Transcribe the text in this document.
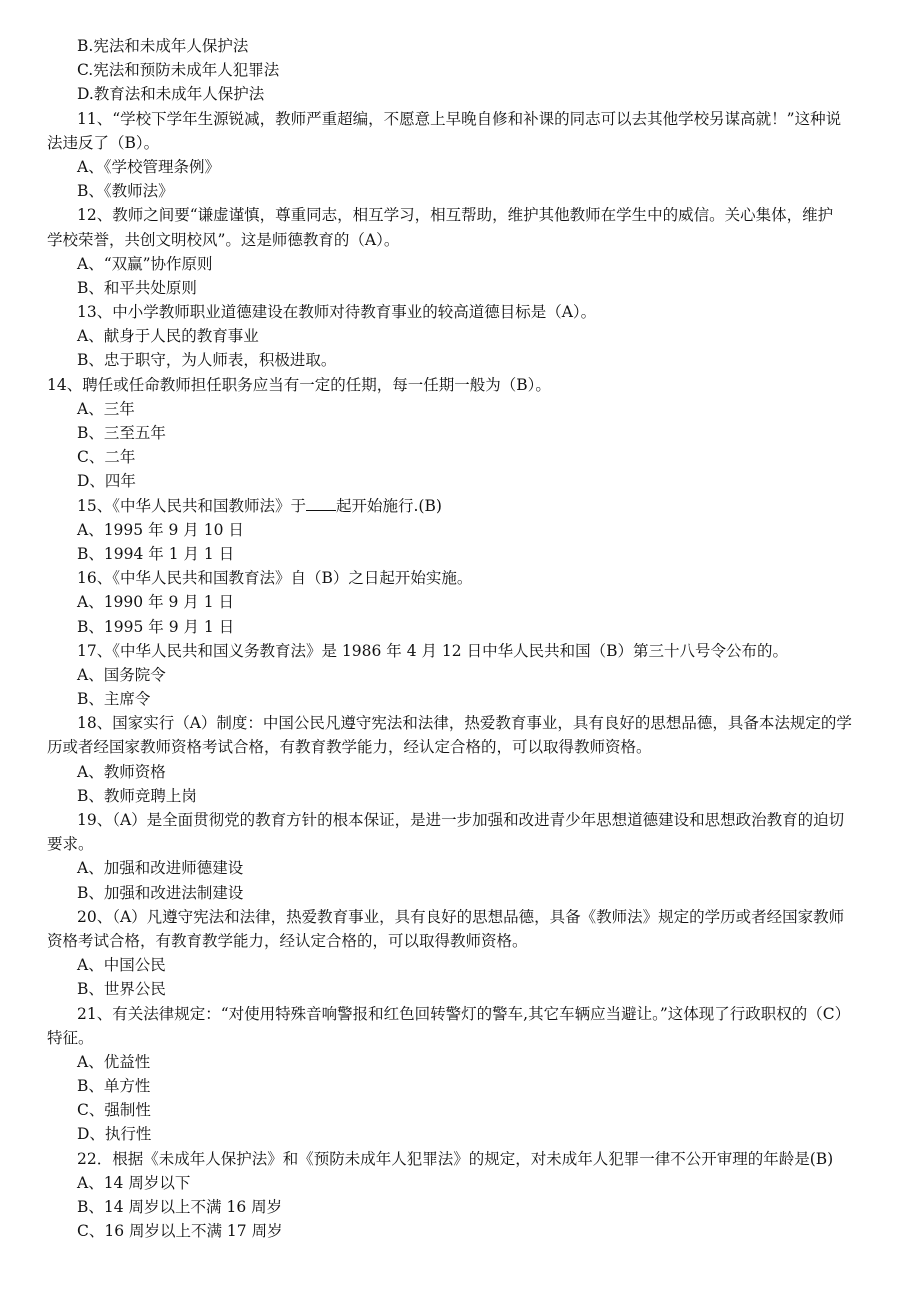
B.宪法和未成年人保护法

C.宪法和预防未成年人犯罪法

D.教育法和未成年人保护法

11、“学校下学年生源锐减，教师严重超编，不愿意上早晚自修和补课的同志可以去其他学校另谋高就！”这种说

法违反了（B）。

A、《学校管理条例》

B、《教师法》

12、教师之间要“谦虚谨慎，尊重同志，相互学习，相互帮助，维护其他教师在学生中的威信。关心集体，维护

学校荣誉，共创文明校风”。这是师德教育的（A）。

A、“双赢”协作原则

B、和平共处原则

13、中小学教师职业道德建设在教师对待教育事业的较高道德目标是（A）。

A、献身于人民的教育事业

B、忠于职守，为人师表，积极进取。

14、聘任或任命教师担任职务应当有一定的任期，每一任期一般为（B）。

A、三年

B、三至五年

C、二年

D、四年

15、《中华人民共和国教师法》于 起开始施行.(B)

A、1995 年 9 月 10 日

B、1994 年 1 月 1 日

16、《中华人民共和国教育法》自（B）之日起开始实施。

A、1990 年 9 月 1 日

B、1995 年 9 月 1 日

17、《中华人民共和国义务教育法》是 1986 年 4 月 12 日中华人民共和国（B）第三十八号令公布的。

A、国务院令

B、主席令

18、国家实行（A）制度：中国公民凡遵守宪法和法律，热爱教育事业，具有良好的思想品德，具备本法规定的学

历或者经国家教师资格考试合格，有教育教学能力，经认定合格的，可以取得教师资格。

A、教师资格

B、教师竞聘上岗

19、（A）是全面贯彻党的教育方针的根本保证，是进一步加强和改进青少年思想道德建设和思想政治教育的迫切

要求。

A、加强和改进师德建设

B、加强和改进法制建设

20、（A）凡遵守宪法和法律，热爱教育事业，具有良好的思想品德，具备《教师法》规定的学历或者经国家教师

资格考试合格，有教育教学能力，经认定合格的，可以取得教师资格。

A、中国公民

B、世界公民

21、有关法律规定：“对使用特殊音响警报和红色回转警灯的警车,其它车辆应当避让。”这体现了行政职权的（C）

特征。

A、优益性

B、单方性

C、强制性

D、执行性

22．根据《未成年人保护法》和《预防未成年人犯罪法》的规定，对未成年人犯罪一律不公开审理的年龄是(B)

A、14 周岁以下

B、14 周岁以上不满 16 周岁

C、16 周岁以上不满 17 周岁
